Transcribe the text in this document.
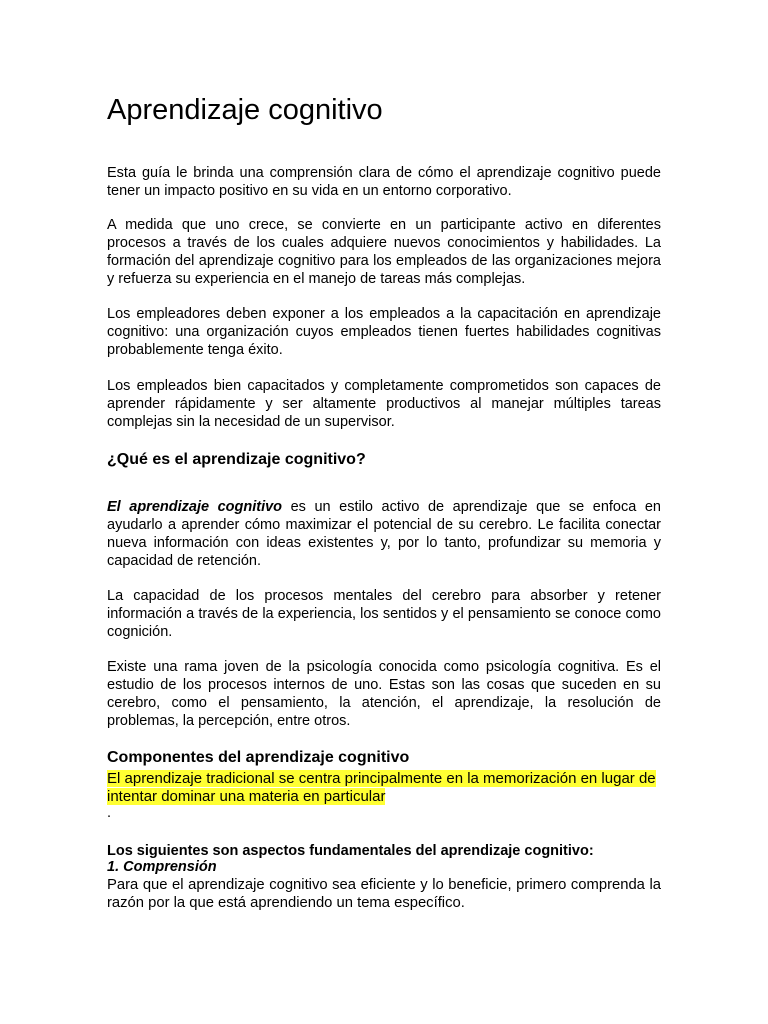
Aprendizaje cognitivo

Esta guía le brinda una comprensión clara de cómo el aprendizaje cognitivo puede tener un impacto positivo en su vida en un entorno corporativo.

A medida que uno crece, se convierte en un participante activo en diferentes procesos a través de los cuales adquiere nuevos conocimientos y habilidades. La formación del aprendizaje cognitivo para los empleados de las organizaciones mejora y refuerza su experiencia en el manejo de tareas más complejas.

Los empleadores deben exponer a los empleados a la capacitación en aprendizaje cognitivo: una organización cuyos empleados tienen fuertes habilidades cognitivas probablemente tenga éxito.

Los empleados bien capacitados y completamente comprometidos son capaces de aprender rápidamente y ser altamente productivos al manejar múltiples tareas complejas sin la necesidad de un supervisor.

¿Qué es el aprendizaje cognitivo?

El aprendizaje cognitivo es un estilo activo de aprendizaje que se enfoca en ayudarlo a aprender cómo maximizar el potencial de su cerebro. Le facilita conectar nueva información con ideas existentes y, por lo tanto, profundizar su memoria y capacidad de retención.

La capacidad de los procesos mentales del cerebro para absorber y retener información a través de la experiencia, los sentidos y el pensamiento se conoce como cognición.

Existe una rama joven de la psicología conocida como psicología cognitiva. Es el estudio de los procesos internos de uno. Estas son las cosas que suceden en su cerebro, como el pensamiento, la atención, el aprendizaje, la resolución de problemas, la percepción, entre otros.

Componentes del aprendizaje cognitivo

El aprendizaje tradicional se centra principalmente en la memorización en lugar de intentar dominar una materia en particular

.

Los siguientes son aspectos fundamentales del aprendizaje cognitivo:

1. Comprensión

Para que el aprendizaje cognitivo sea eficiente y lo beneficie, primero comprenda la razón por la que está aprendiendo un tema específico.
